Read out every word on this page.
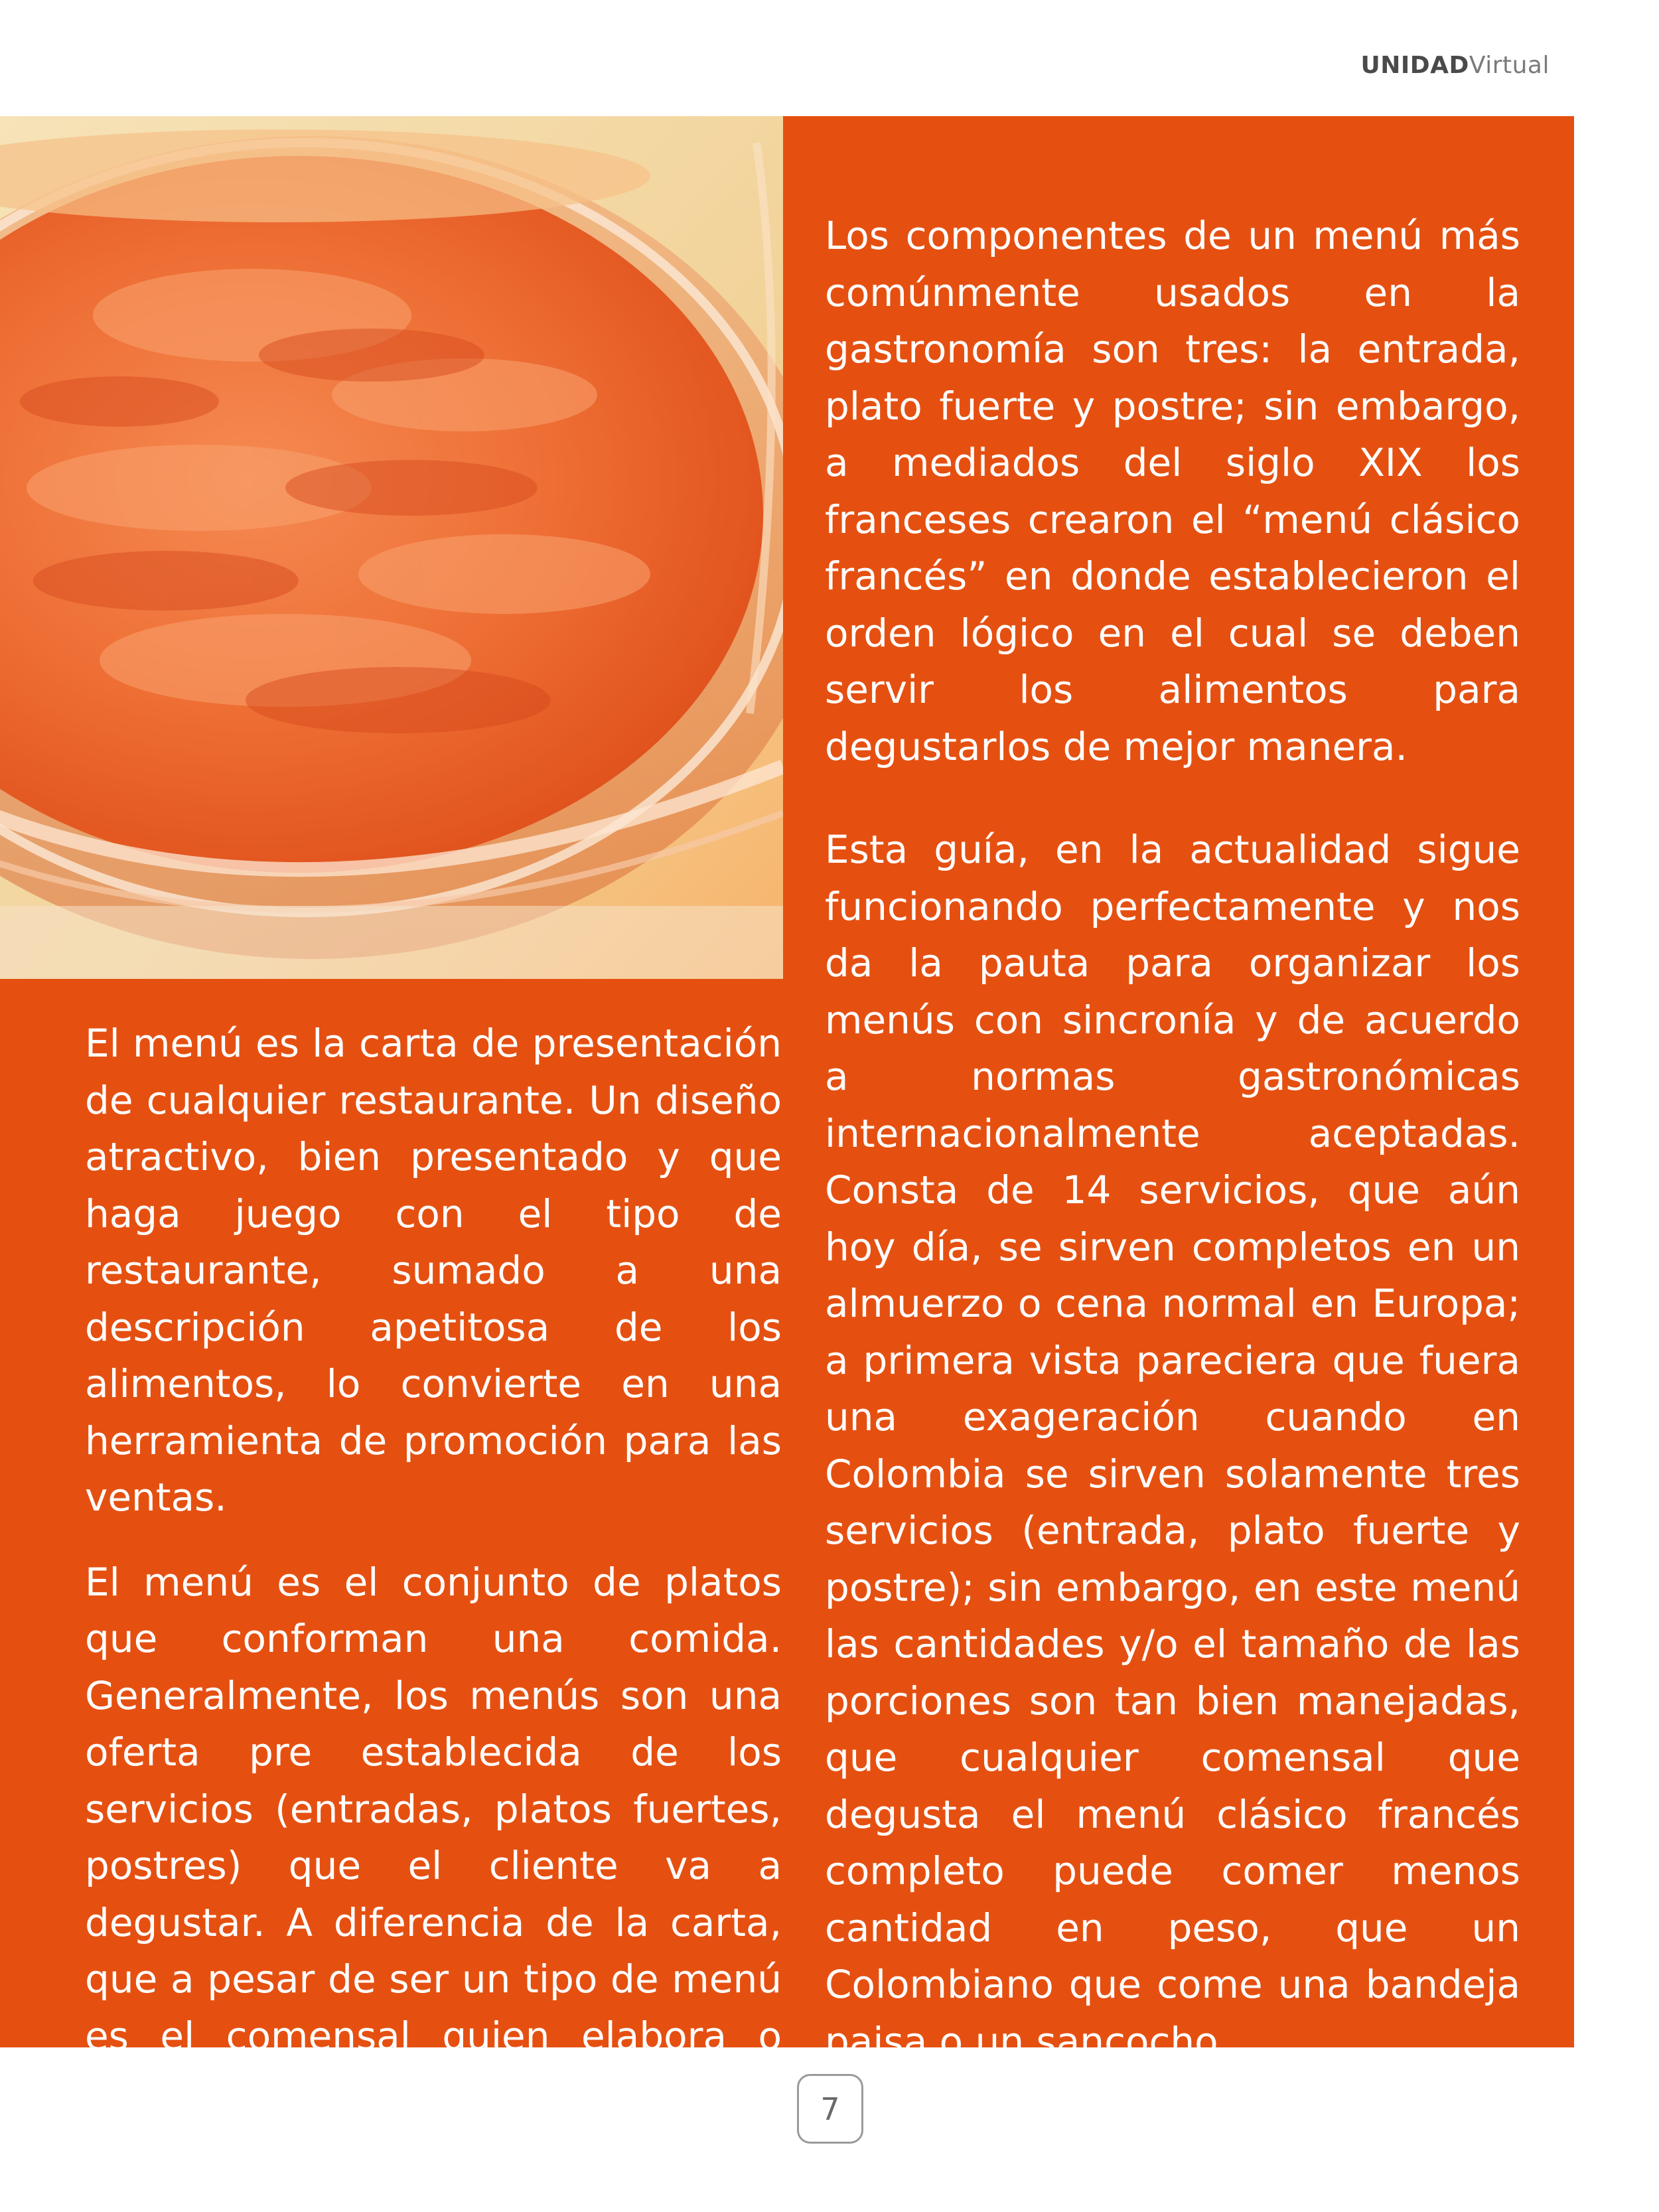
UNIDADVirtual

El menú es la carta de presentación de cualquier restaurante. Un diseño atractivo, bien presentado y que haga juego con el tipo de restaurante, sumado a una descripción apetitosa de los alimentos, lo convierte en una herramienta de promoción para las ventas.

El menú es el conjunto de platos que conforman una comida. Generalmente, los menús son una oferta pre establecida de los servicios (entradas, platos fuertes, postres) que el cliente va a degustar. A diferencia de la carta, que a pesar de ser un tipo de menú es el comensal quien elabora o diseña su ingesta.

Los componentes de un menú más comúnmente usados en la gastronomía son tres: la entrada, plato fuerte y postre; sin embargo, a mediados del siglo XIX los franceses crearon el “menú clásico francés” en donde establecieron el orden lógico en el cual se deben servir los alimentos para degustarlos de mejor manera.

Esta guía, en la actualidad sigue funcionando perfectamente y nos da la pauta para organizar los menús con sincronía y de acuerdo a normas gastronómicas internacionalmente aceptadas. Consta de 14 servicios, que aún hoy día, se sirven completos en un almuerzo o cena normal en Europa; a primera vista pareciera que fuera una exageración cuando en Colombia se sirven solamente tres servicios (entrada, plato fuerte y postre); sin embargo, en este menú las cantidades y/o el tamaño de las porciones son tan bien manejadas, que cualquier comensal que degusta el menú clásico francés completo puede comer menos cantidad en peso, que un Colombiano que come una bandeja paisa o un sancocho.

7
